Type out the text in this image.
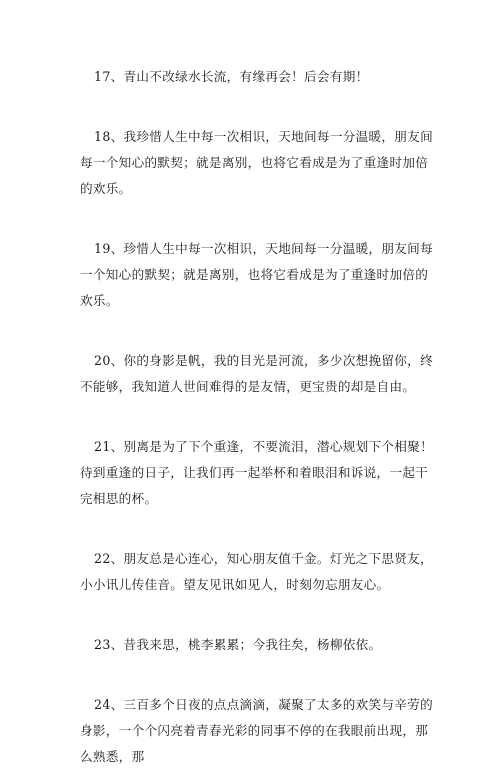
17、青山不改绿水长流，有缘再会！后会有期！

18、我珍惜人生中每一次相识，天地间每一分温暖，朋友间每一个知心的默契；就是离别，也将它看成是为了重逢时加倍的欢乐。

19、珍惜人生中每一次相识，天地间每一分温暖，朋友间每一个知心的默契；就是离别，也将它看成是为了重逢时加倍的欢乐。

20、你的身影是帆，我的目光是河流，多少次想挽留你，终不能够，我知道人世间难得的是友情，更宝贵的却是自由。

21、别离是为了下个重逢，不要流泪，潜心规划下个相聚！待到重逢的日子，让我们再一起举杯和着眼泪和诉说，一起干完相思的杯。

22、朋友总是心连心，知心朋友值千金。灯光之下思贤友，小小讯儿传佳音。望友见讯如见人，时刻勿忘朋友心。

23、昔我来思，桃李累累；今我往矣，杨柳依依。

24、三百多个日夜的点点滴滴，凝聚了太多的欢笑与辛劳的身影，一个个闪亮着青春光彩的同事不停的在我眼前出现，那么熟悉，那
